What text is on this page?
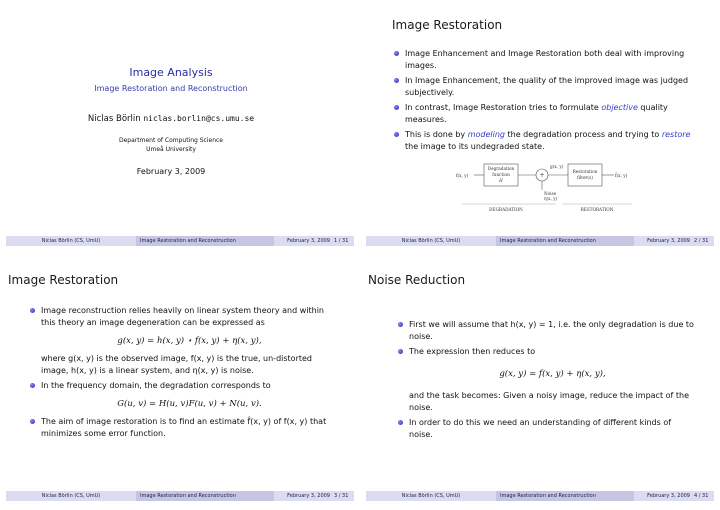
Image Analysis
Image Restoration and Reconstruction
Niclas Börlin niclas.borlin@cs.umu.se
Department of Computing Science
Umeå University
February 3, 2009
Niclas Börlin (CS, UmU)	Image Restoration and Reconstruction	February 3, 2009 1 / 31
Image Restoration
Image Enhancement and Image Restoration both deal with improving images.
In Image Enhancement, the quality of the improved image was judged subjectively.
In contrast, Image Restoration tries to formulate objective quality measures.
This is done by modeling the degradation process and trying to restore the image to its undegraded state.
f(x, y)
Degradation
function
H
+
Noise
η(x, y)
g(x, y)
Restoration
filter(s)	f̂(x, y)
DEGRADATION	RESTORATION
Niclas Börlin (CS, UmU)	Image Restoration and Reconstruction	February 3, 2009 2 / 31
Image Restoration
Image reconstruction relies heavily on linear system theory and within this theory an image degeneration can be expressed as
g(x, y) = h(x, y) ⋆ f(x, y) + η(x, y),
where g(x, y) is the observed image, f(x, y) is the true, un-distorted image, h(x, y) is a linear system, and η(x, y) is noise.
In the frequency domain, the degradation corresponds to
G(u, v) = H(u, v)F(u, v) + N(u, v).
The aim of image restoration is to find an estimate f̂(x, y) of f(x, y) that minimizes some error function.
Niclas Börlin (CS, UmU)	Image Restoration and Reconstruction	February 3, 2009 3 / 31
Noise Reduction
First we will assume that h(x, y) = 1, i.e. the only degradation is due to noise.
The expression then reduces to
g(x, y) = f(x, y) + η(x, y),
and the task becomes: Given a noisy image, reduce the impact of the noise.
In order to do this we need an understanding of different kinds of noise.
Niclas Börlin (CS, UmU)	Image Restoration and Reconstruction	February 3, 2009 4 / 31
